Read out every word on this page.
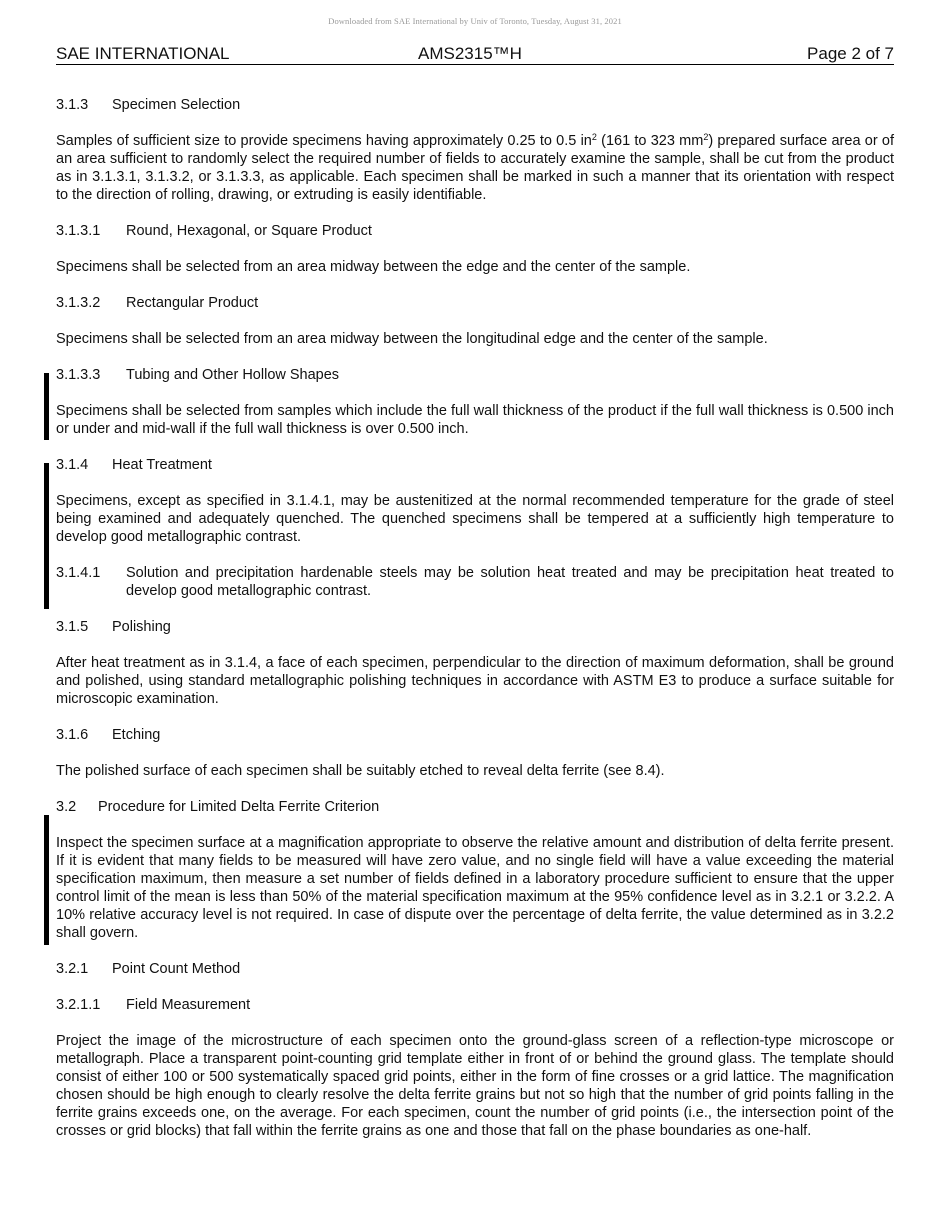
Downloaded from SAE International by Univ of Toronto, Tuesday, August 31, 2021
SAE INTERNATIONAL	AMS2315™H	Page 2 of 7
3.1.3 Specimen Selection

Samples of sufficient size to provide specimens having approximately 0.25 to 0.5 $in^2$ (161 to 323 $mm^2$) prepared surface area or of an area sufficient to randomly select the required number of fields to accurately examine the sample, shall be cut from the product as in 3.1.3.1, 3.1.3.2, or 3.1.3.3, as applicable. Each specimen shall be marked in such a manner that its orientation with respect to the direction of rolling, drawing, or extruding is easily identifiable.

3.1.3.1 Round, Hexagonal, or Square Product

Specimens shall be selected from an area midway between the edge and the center of the sample.

3.1.3.2 Rectangular Product

Specimens shall be selected from an area midway between the longitudinal edge and the center of the sample.

3.1.3.3 Tubing and Other Hollow Shapes

Specimens shall be selected from samples which include the full wall thickness of the product if the full wall thickness is 0.500 inch or under and mid-wall if the full wall thickness is over 0.500 inch.

3.1.4 Heat Treatment

Specimens, except as specified in 3.1.4.1, may be austenitized at the normal recommended temperature for the grade of steel being examined and adequately quenched. The quenched specimens shall be tempered at a sufficiently high temperature to develop good metallographic contrast.

3.1.4.1	Solution and precipitation hardenable steels may be solution heat treated and may be precipitation heat treated to develop good metallographic contrast.
3.1.5 Polishing

After heat treatment as in 3.1.4, a face of each specimen, perpendicular to the direction of maximum deformation, shall be ground and polished, using standard metallographic polishing techniques in accordance with ASTM E3 to produce a surface suitable for microscopic examination.

3.1.6 Etching

The polished surface of each specimen shall be suitably etched to reveal delta ferrite (see 8.4).

3.2 Procedure for Limited Delta Ferrite Criterion

Inspect the specimen surface at a magnification appropriate to observe the relative amount and distribution of delta ferrite present. If it is evident that many fields to be measured will have zero value, and no single field will have a value exceeding the material specification maximum, then measure a set number of fields defined in a laboratory procedure sufficient to ensure that the upper control limit of the mean is less than 50% of the material specification maximum at the 95% confidence level as in 3.2.1 or 3.2.2. A 10% relative accuracy level is not required. In case of dispute over the percentage of delta ferrite, the value determined as in 3.2.2 shall govern.

3.2.1 Point Count Method
3.2.1.1 Field Measurement

Project the image of the microstructure of each specimen onto the ground-glass screen of a reflection-type microscope or metallograph. Place a transparent point-counting grid template either in front of or behind the ground glass. The template should consist of either 100 or 500 systematically spaced grid points, either in the form of fine crosses or a grid lattice. The magnification chosen should be high enough to clearly resolve the delta ferrite grains but not so high that the number of grid points falling in the ferrite grains exceeds one, on the average. For each specimen, count the number of grid points (i.e., the intersection point of the crosses or grid blocks) that fall within the ferrite grains as one and those that fall on the phase boundaries as one-half.
